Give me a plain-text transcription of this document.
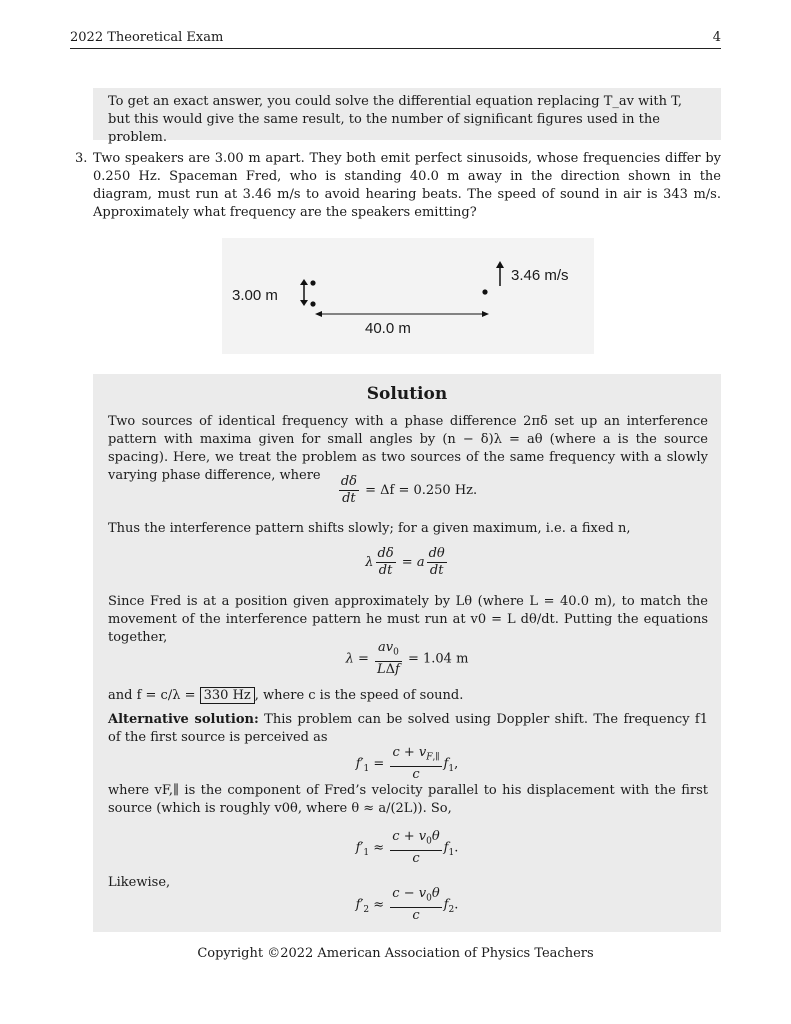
2022 Theoretical Exam	4
To get an exact answer, you could solve the differential equation replacing T_av with T, but this would give the same result, to the number of significant figures used in the problem.
3. Two speakers are 3.00 m apart. They both emit perfect sinusoids, whose frequencies differ by 0.250 Hz. Spaceman Fred, who is standing 40.0 m away in the direction shown in the diagram, must run at 3.46 m/s to avoid hearing beats. The speed of sound in air is 343 m/s. Approximately what frequency are the speakers emitting?
3.00 m
40.0 m
3.46 m/s
Solution
Two sources of identical frequency with a phase difference 2πδ set up an interference pattern with maxima given for small angles by (n − δ)λ = aθ (where a is the source spacing). Here, we treat the problem as two sources of the same frequency with a slowly varying phase difference, where	$\frac{d\delta}{dt} = \Delta f = 0.250$ Hz.
Thus the interference pattern shifts slowly; for a given maximum, i.e. a fixed n,
λ $\frac{d\delta}{dt} = a \frac{d\theta}{dt}$
Since Fred is at a position given approximately by Lθ (where L = 40.0 m), to match the movement of the interference pattern he must run at v0 = L dθ/dt. Putting the equations together,
$\lambda = \frac{av_0}{\text{LΔf}} = 1.04$ m
and f = c/λ = 330 Hz , where c is the speed of sound.
Alternative solution: This problem can be solved using Doppler shift. The frequency f1 of the first source is perceived as
$f'_1 = \frac{c + v_{F,\parallel}}{c} f_1$,
where vF,∥ is the component of Fred’s velocity parallel to his displacement with the first source (which is roughly v0θ, where θ ≈ a/(2L)). So,
$f'_1 \approx \frac{c + v_0\theta}{c} f_1$.
Likewise,
$f'_2 \approx \frac{c - v_0\theta}{c} f_2$.
Copyright ©2022 American Association of Physics Teachers
